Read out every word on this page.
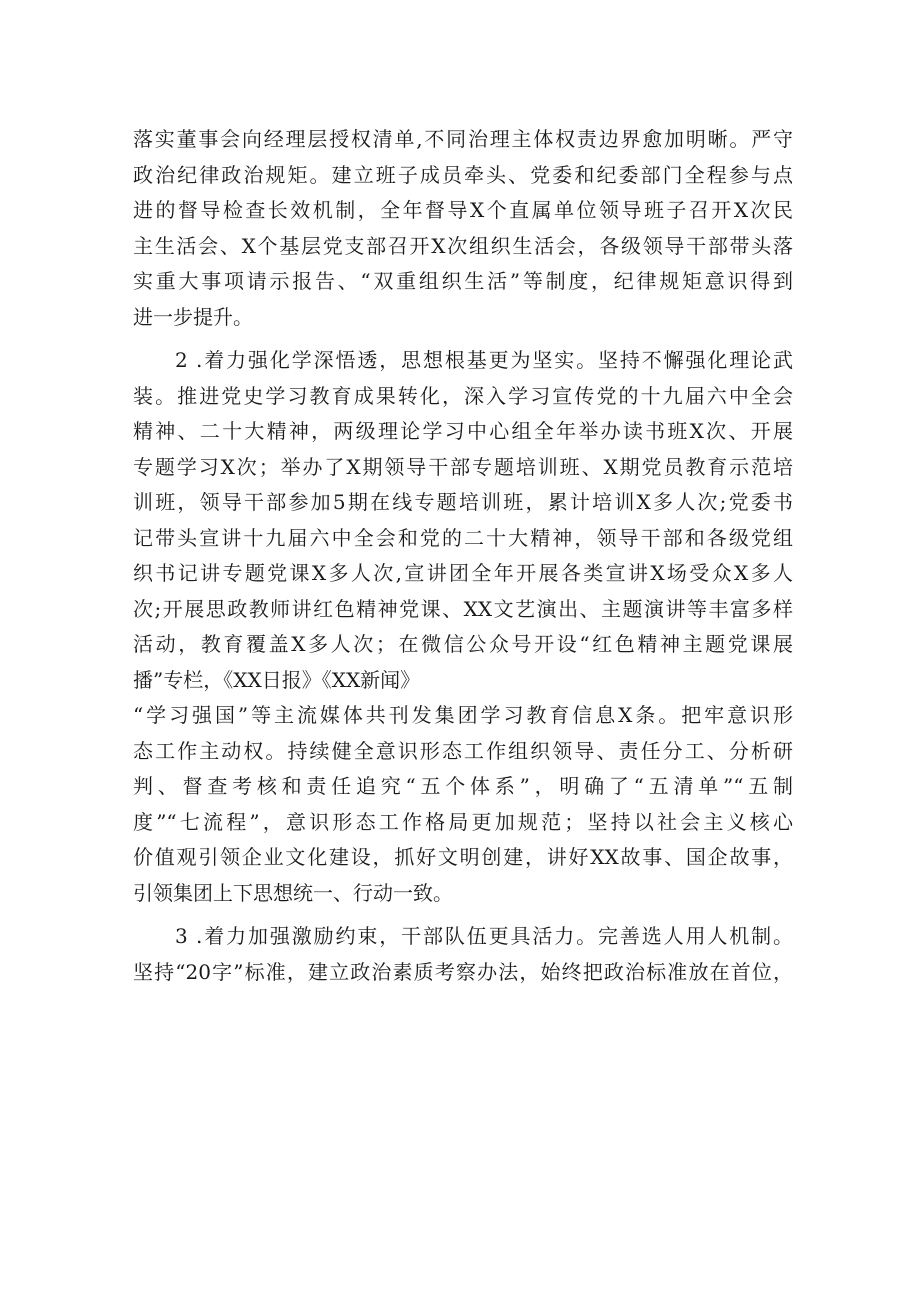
落实董事会向经理层授权清单,不同治理主体权责边界愈加明晰。严守
政治纪律政治规矩。建立班子成员牵头、党委和纪委部门全程参与点
进的督导检查长效机制，全年督导X个直属单位领导班子召开X次民
主生活会、X个基层党支部召开X次组织生活会，各级领导干部带头落
实重大事项请示报告、“双重组织生活”等制度，纪律规矩意识得到
进一步提升。
2 .着力强化学深悟透，思想根基更为坚实。坚持不懈强化理论武
装。推进党史学习教育成果转化，深入学习宣传党的十九届六中全会
精神、二十大精神，两级理论学习中心组全年举办读书班X次、开展
专题学习X次；举办了X期领导干部专题培训班、X期党员教育示范培
训班，领导干部参加5期在线专题培训班，累计培训X多人次;党委书
记带头宣讲十九届六中全会和党的二十大精神，领导干部和各级党组
织书记讲专题党课X多人次,宣讲团全年开展各类宣讲X场受众X多人
次;开展思政教师讲红色精神党课、XX文艺演出、主题演讲等丰富多样
活动，教育覆盖X多人次；在微信公众号开设“红色精神主题党课展
播”专栏，《XX日报》《XX新闻》
“学习强国”等主流媒体共刊发集团学习教育信息X条。把牢意识形
态工作主动权。持续健全意识形态工作组织领导、责任分工、分析研
判、督查考核和责任追究“五个体系”，明确了“五清单”“五制
度”“七流程”，意识形态工作格局更加规范；坚持以社会主义核心
价值观引领企业文化建设，抓好文明创建，讲好XX故事、国企故事，
引领集团上下思想统一、行动一致。
3 .着力加强激励约束，干部队伍更具活力。完善选人用人机制。
坚持“20字”标准，建立政治素质考察办法，始终把政治标准放在首位，
